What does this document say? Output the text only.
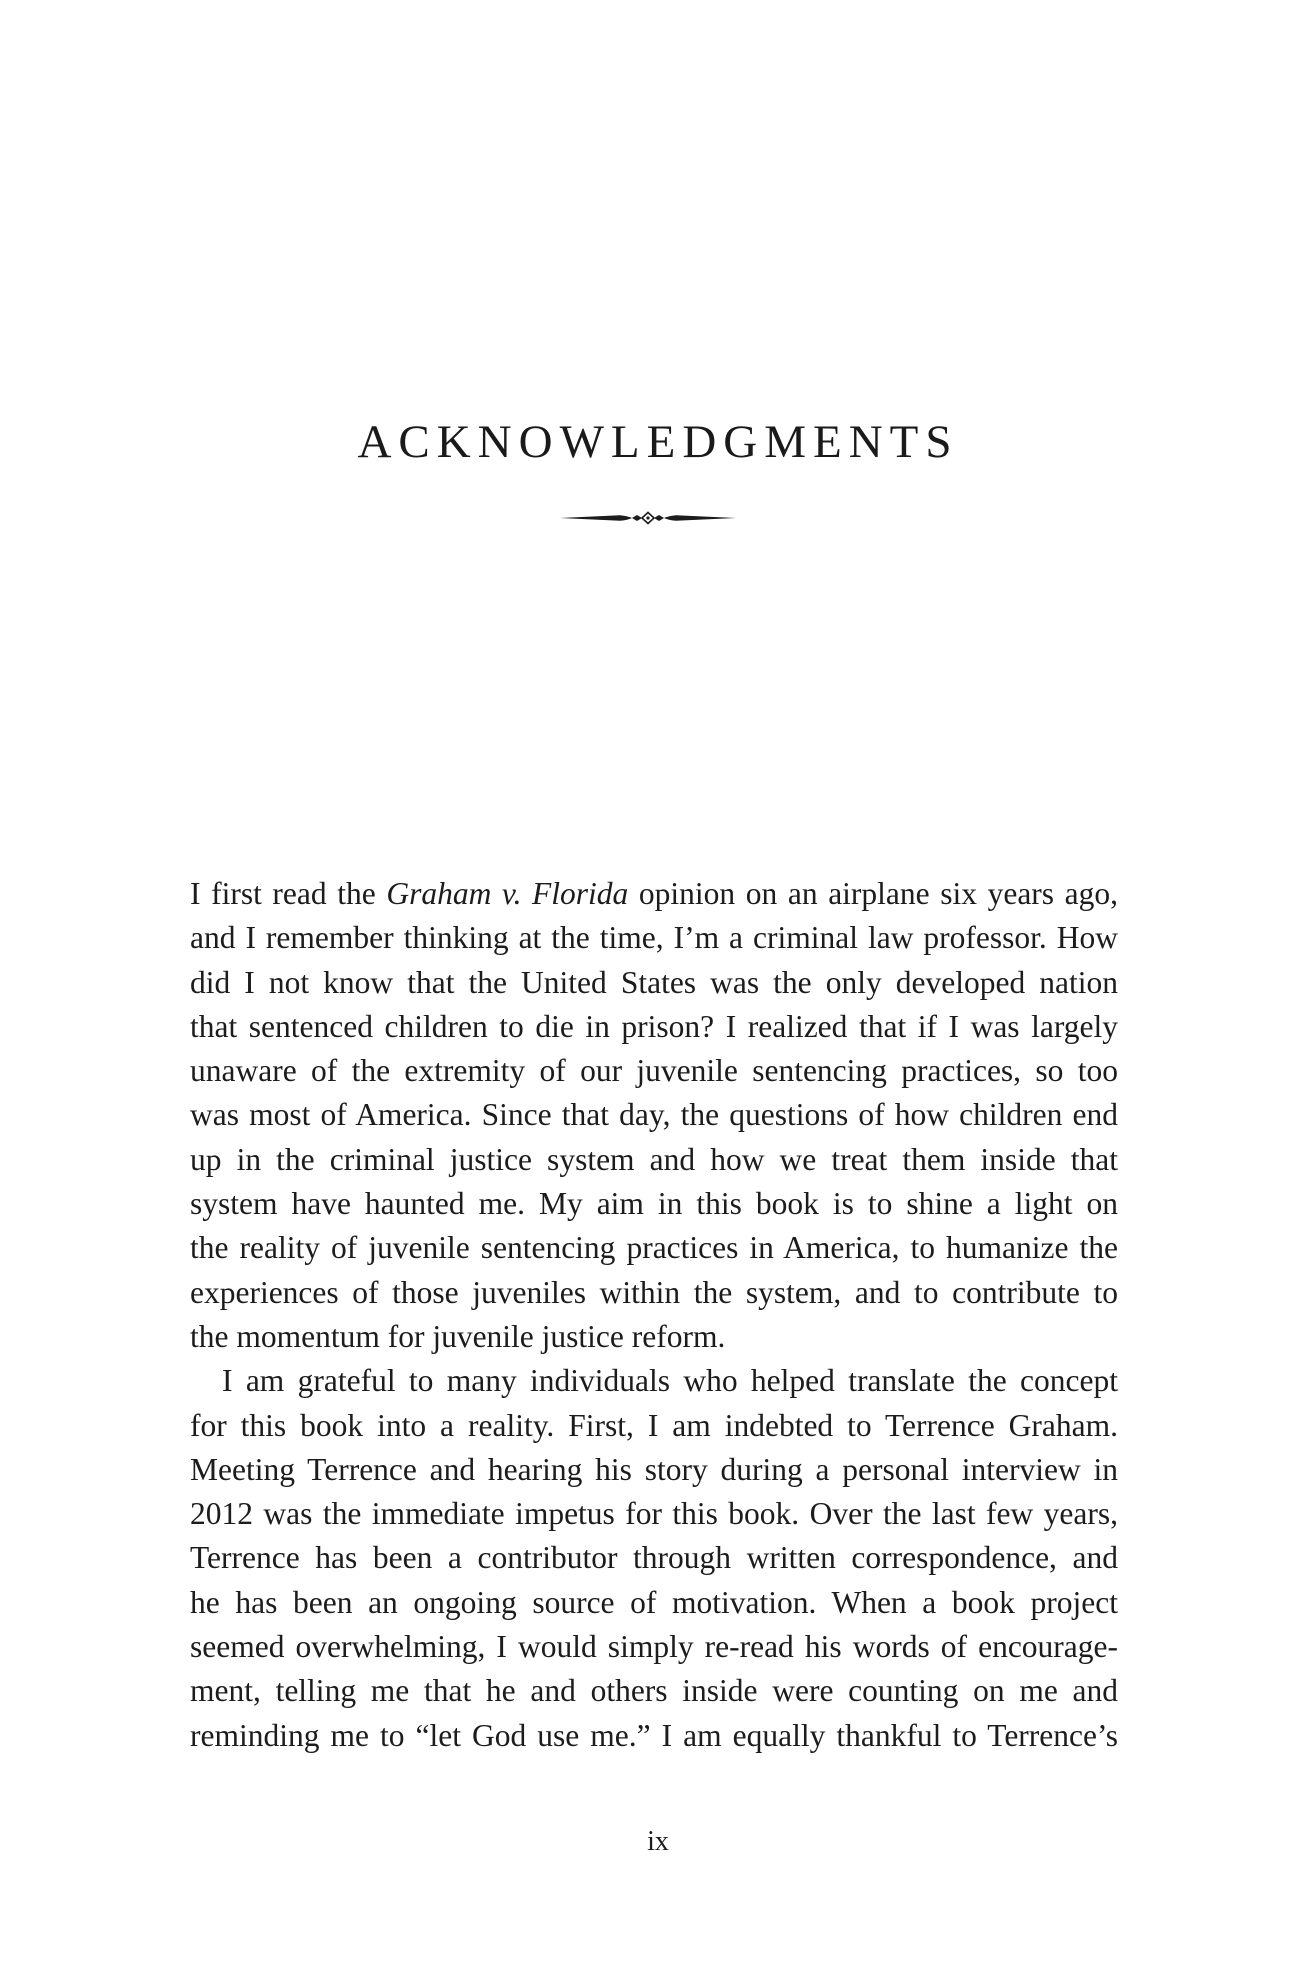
ACKNOWLEDGMENTS
I first read the Graham v. Florida opinion on an airplane six years ago,
and I remember thinking at the time, I’m a criminal law professor. How
did I not know that the United States was the only developed nation
that sentenced children to die in prison? I realized that if I was largely
unaware of the extremity of our juvenile sentencing practices, so too
was most of America. Since that day, the questions of how children end
up in the criminal justice system and how we treat them inside that
system have haunted me. My aim in this book is to shine a light on
the reality of juvenile sentencing practices in America, to humanize the
experiences of those juveniles within the system, and to contribute to
the momentum for juvenile justice reform.
I am grateful to many individuals who helped translate the concept
for this book into a reality. First, I am indebted to Terrence Graham.
Meeting Terrence and hearing his story during a personal interview in
2012 was the immediate impetus for this book. Over the last few years,
Terrence has been a contributor through written correspondence, and
he has been an ongoing source of motivation. When a book project
seemed overwhelming, I would simply re-read his words of encourage-
ment, telling me that he and others inside were counting on me and
reminding me to “let God use me.” I am equally thankful to Terrence’s
ix
